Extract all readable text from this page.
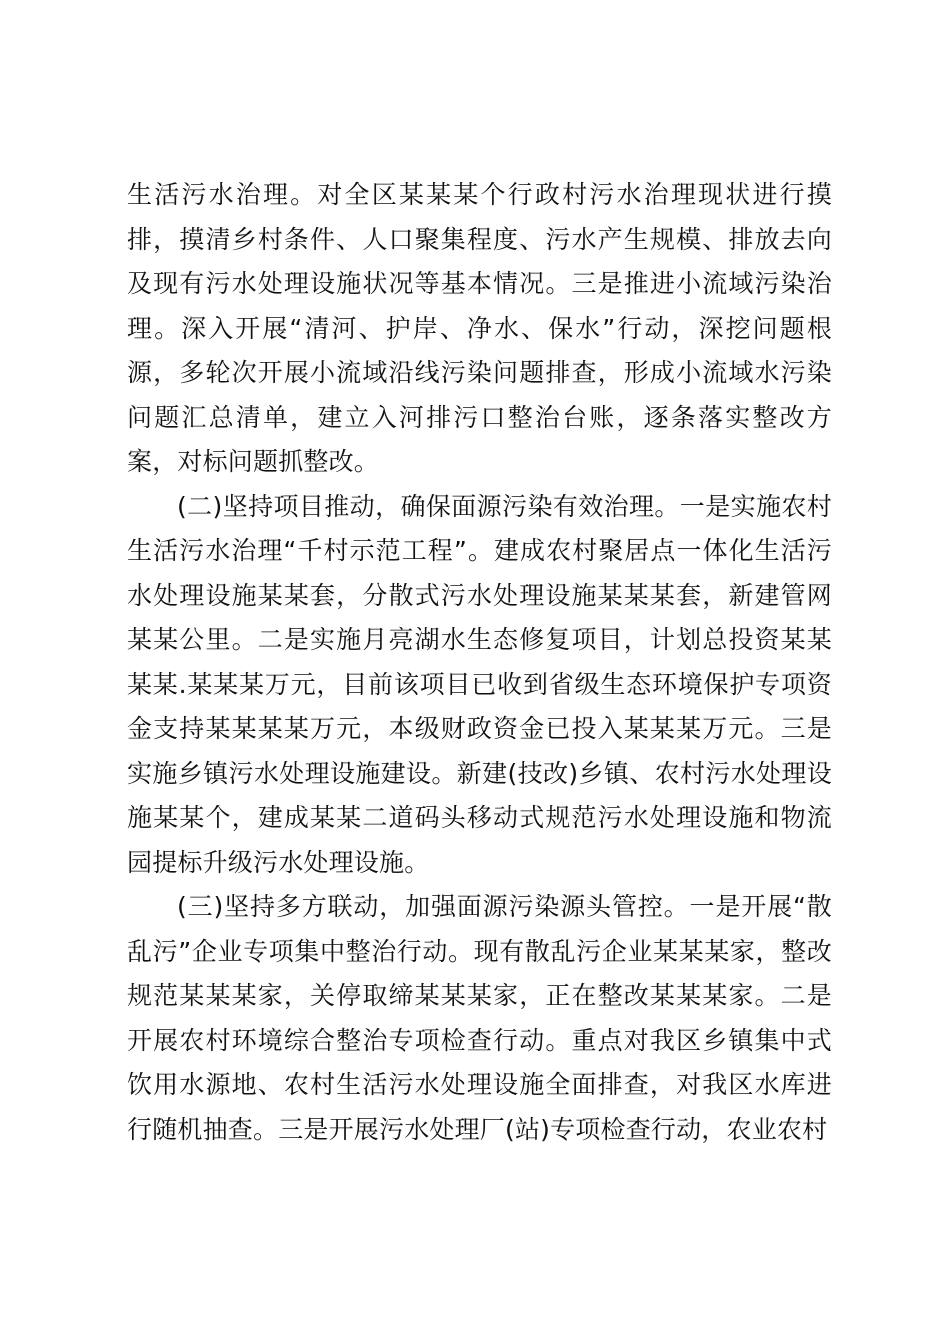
生活污水治理。对全区某某某个行政村污水治理现状进行摸排，摸清乡村条件、人口聚集程度、污水产生规模、排放去向及现有污水处理设施状况等基本情况。三是推进小流域污染治理。深入开展“清河、护岸、净水、保水”行动，深挖问题根源，多轮次开展小流域沿线污染问题排查，形成小流域水污染问题汇总清单，建立入河排污口整治台账，逐条落实整改方案，对标问题抓整改。

(二)坚持项目推动，确保面源污染有效治理。一是实施农村生活污水治理“千村示范工程”。建成农村聚居点一体化生活污水处理设施某某套，分散式污水处理设施某某某套，新建管网某某公里。二是实施月亮湖水生态修复项目，计划总投资某某某某.某某某万元，目前该项目已收到省级生态环境保护专项资金支持某某某某万元，本级财政资金已投入某某某万元。三是实施乡镇污水处理设施建设。新建(技改)乡镇、农村污水处理设施某某个，建成某某二道码头移动式规范污水处理设施和物流园提标升级污水处理设施。

(三)坚持多方联动，加强面源污染源头管控。一是开展“散乱污”企业专项集中整治行动。现有散乱污企业某某某家，整改规范某某某家，关停取缔某某某家，正在整改某某某家。二是开展农村环境综合整治专项检查行动。重点对我区乡镇集中式饮用水源地、农村生活污水处理设施全面排查，对我区水库进行随机抽查。三是开展污水处理厂(站)专项检查行动，农业农村
